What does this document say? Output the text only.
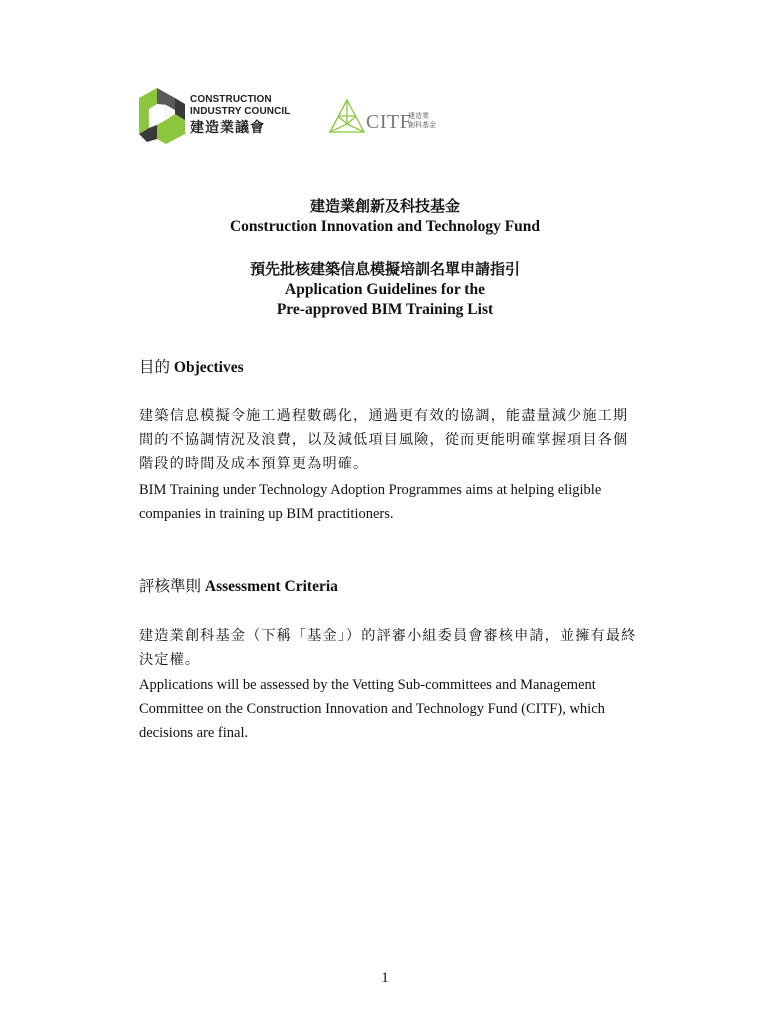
CONSTRUCTION
INDUSTRY COUNCIL
建造業議會	CITF
建造業
創科基金
建造業創新及科技基金
Construction Innovation and Technology Fund
預先批核建築信息模擬培訓名單申請指引
Application Guidelines for the
Pre-approved BIM Training List
目的 Objectives
建築信息模擬令施工過程數碼化，通過更有效的協調，能盡量減少施工期
間的不協調情況及浪費，以及減低項目風險，從而更能明確掌握項目各個
階段的時間及成本預算更為明確。
BIM Training under Technology Adoption Programmes aims at helping eligible
companies in training up BIM practitioners.
評核準則 Assessment Criteria
建造業創科基金（下稱「基金」）的評審小組委員會審核申請，並擁有最終
決定權。
Applications will be assessed by the Vetting Sub-committees and Management
Committee on the Construction Innovation and Technology Fund (CITF), which
decisions are final.
1
